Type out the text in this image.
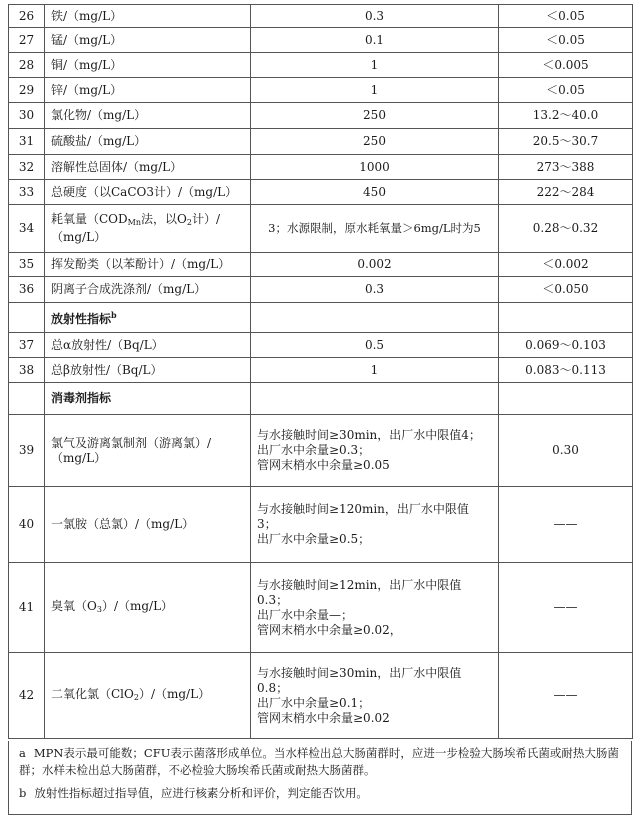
26	铁/（mg/L）	0.3	＜0.05
27	锰/（mg/L）	0.1	＜0.05
28	铜/（mg/L）	1	＜0.005
29	锌/（mg/L）	1	＜0.05
30	氯化物/（mg/L）	250	13.2～40.0
31	硫酸盐/（mg/L）	250	20.5～30.7
32	溶解性总固体/（mg/L）	1000	273～388
33	总硬度（以CaCO3计）/（mg/L）	450	222～284
34	耗氧量（$COD_{Mn}$法，以$O_2$计）/
（mg/L）	3；水源限制，原水耗氧量＞6mg/L时为5	0.28～0.32
35	挥发酚类（以苯酚计）/（mg/L）	0.002	＜0.002
36	阴离子合成洗涤剂/（mg/L）	0.3	＜0.050
	放射性指标$^b$		
37	总α放射性/（Bq/L）	0.5	0.069～0.103
38	总β放射性/（Bq/L）	1	0.083～0.113
	消毒剂指标		
39	氯气及游离氯制剂（游离氯）/（mg/L）	与水接触时间≥30min，出厂水中限值4；
出厂水中余量≥0.3；
管网末梢水中余量≥0.05	0.30
40	一氯胺（总氯）/（mg/L）	与水接触时间≥120min，出厂水中限值
3；
出厂水中余量≥0.5；	——
41	臭氧$(O_3)/(mg/L)$	与水接触时间≥12min，出厂水中限值
0.3；
出厂水中余量—；
管网末梢水中余量≥0.02，	——
42	二氧化氯（ClO$_2$）/（mg/L）	与水接触时间≥30min，出厂水中限值
0.8；
出厂水中余量≥0.1；
管网末梢水中余量≥0.02	——

a MPN表示最可能数；CFU表示菌落形成单位。当水样检出总大肠菌群时，应进一步检验大肠埃希氏菌或耐热大肠菌群；水样未检出总大肠菌群，不必检验大肠埃希氏菌或耐热大肠菌群。

b 放射性指标超过指导值，应进行核素分析和评价，判定能否饮用。
